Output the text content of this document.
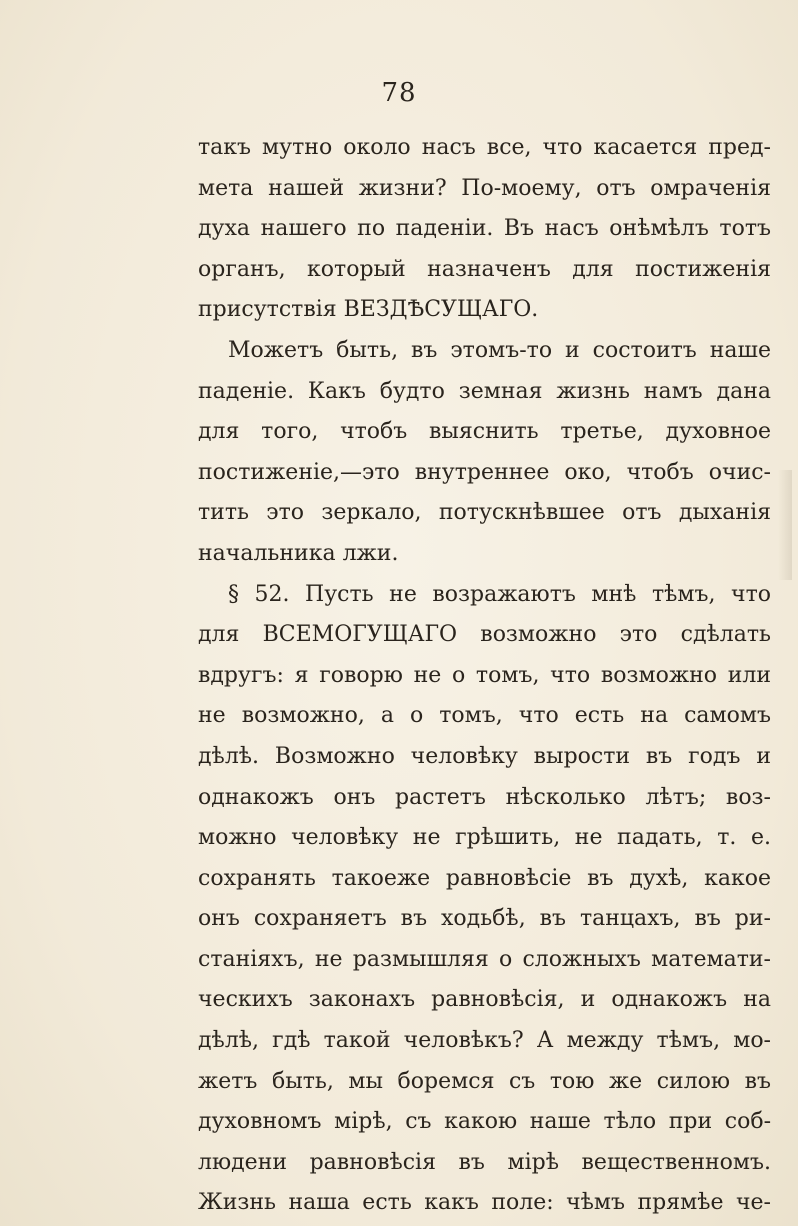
78
такъ мутно около насъ все, что касается пред-
мета нашей жизни? По-моему, отъ омраченія
духа нашего по паденіи. Въ насъ онѣмѣлъ тотъ
органъ, который назначенъ для постиженія
присутствія ВЕЗДѢСУЩАГО.
Можетъ быть, въ этомъ-то и состоитъ наше
паденіе. Какъ будто земная жизнь намъ дана
для того, чтобъ выяснить третье, духовное
постиженіе,—это внутреннее око, чтобъ очис-
тить это зеркало, потускнѣвшее отъ дыханія
начальника лжи.
§ 52. Пусть не возражаютъ мнѣ тѣмъ, что
для ВСЕМОГУЩАГО возможно это сдѣлать
вдругъ: я говорю не о томъ, что возможно или
не возможно, а о томъ, что есть на самомъ
дѣлѣ. Возможно человѣку вырости въ годъ и
однакожъ онъ растетъ нѣсколько лѣтъ; воз-
можно человѣку не грѣшить, не падать, т. е.
сохранять такоеже равновѣсіе въ духѣ, какое
онъ сохраняетъ въ ходьбѣ, въ танцахъ, въ ри-
станіяхъ, не размышляя о сложныхъ математи-
ческихъ законахъ равновѣсія, и однакожъ на
дѣлѣ, гдѣ такой человѣкъ? А между тѣмъ, мо-
жетъ быть, мы боремся съ тою же силою въ
духовномъ мірѣ, съ какою наше тѣло при соб-
людени равновѣсія въ мірѣ вещественномъ.
Жизнь наша есть какъ поле: чѣмъ прямѣе че-
